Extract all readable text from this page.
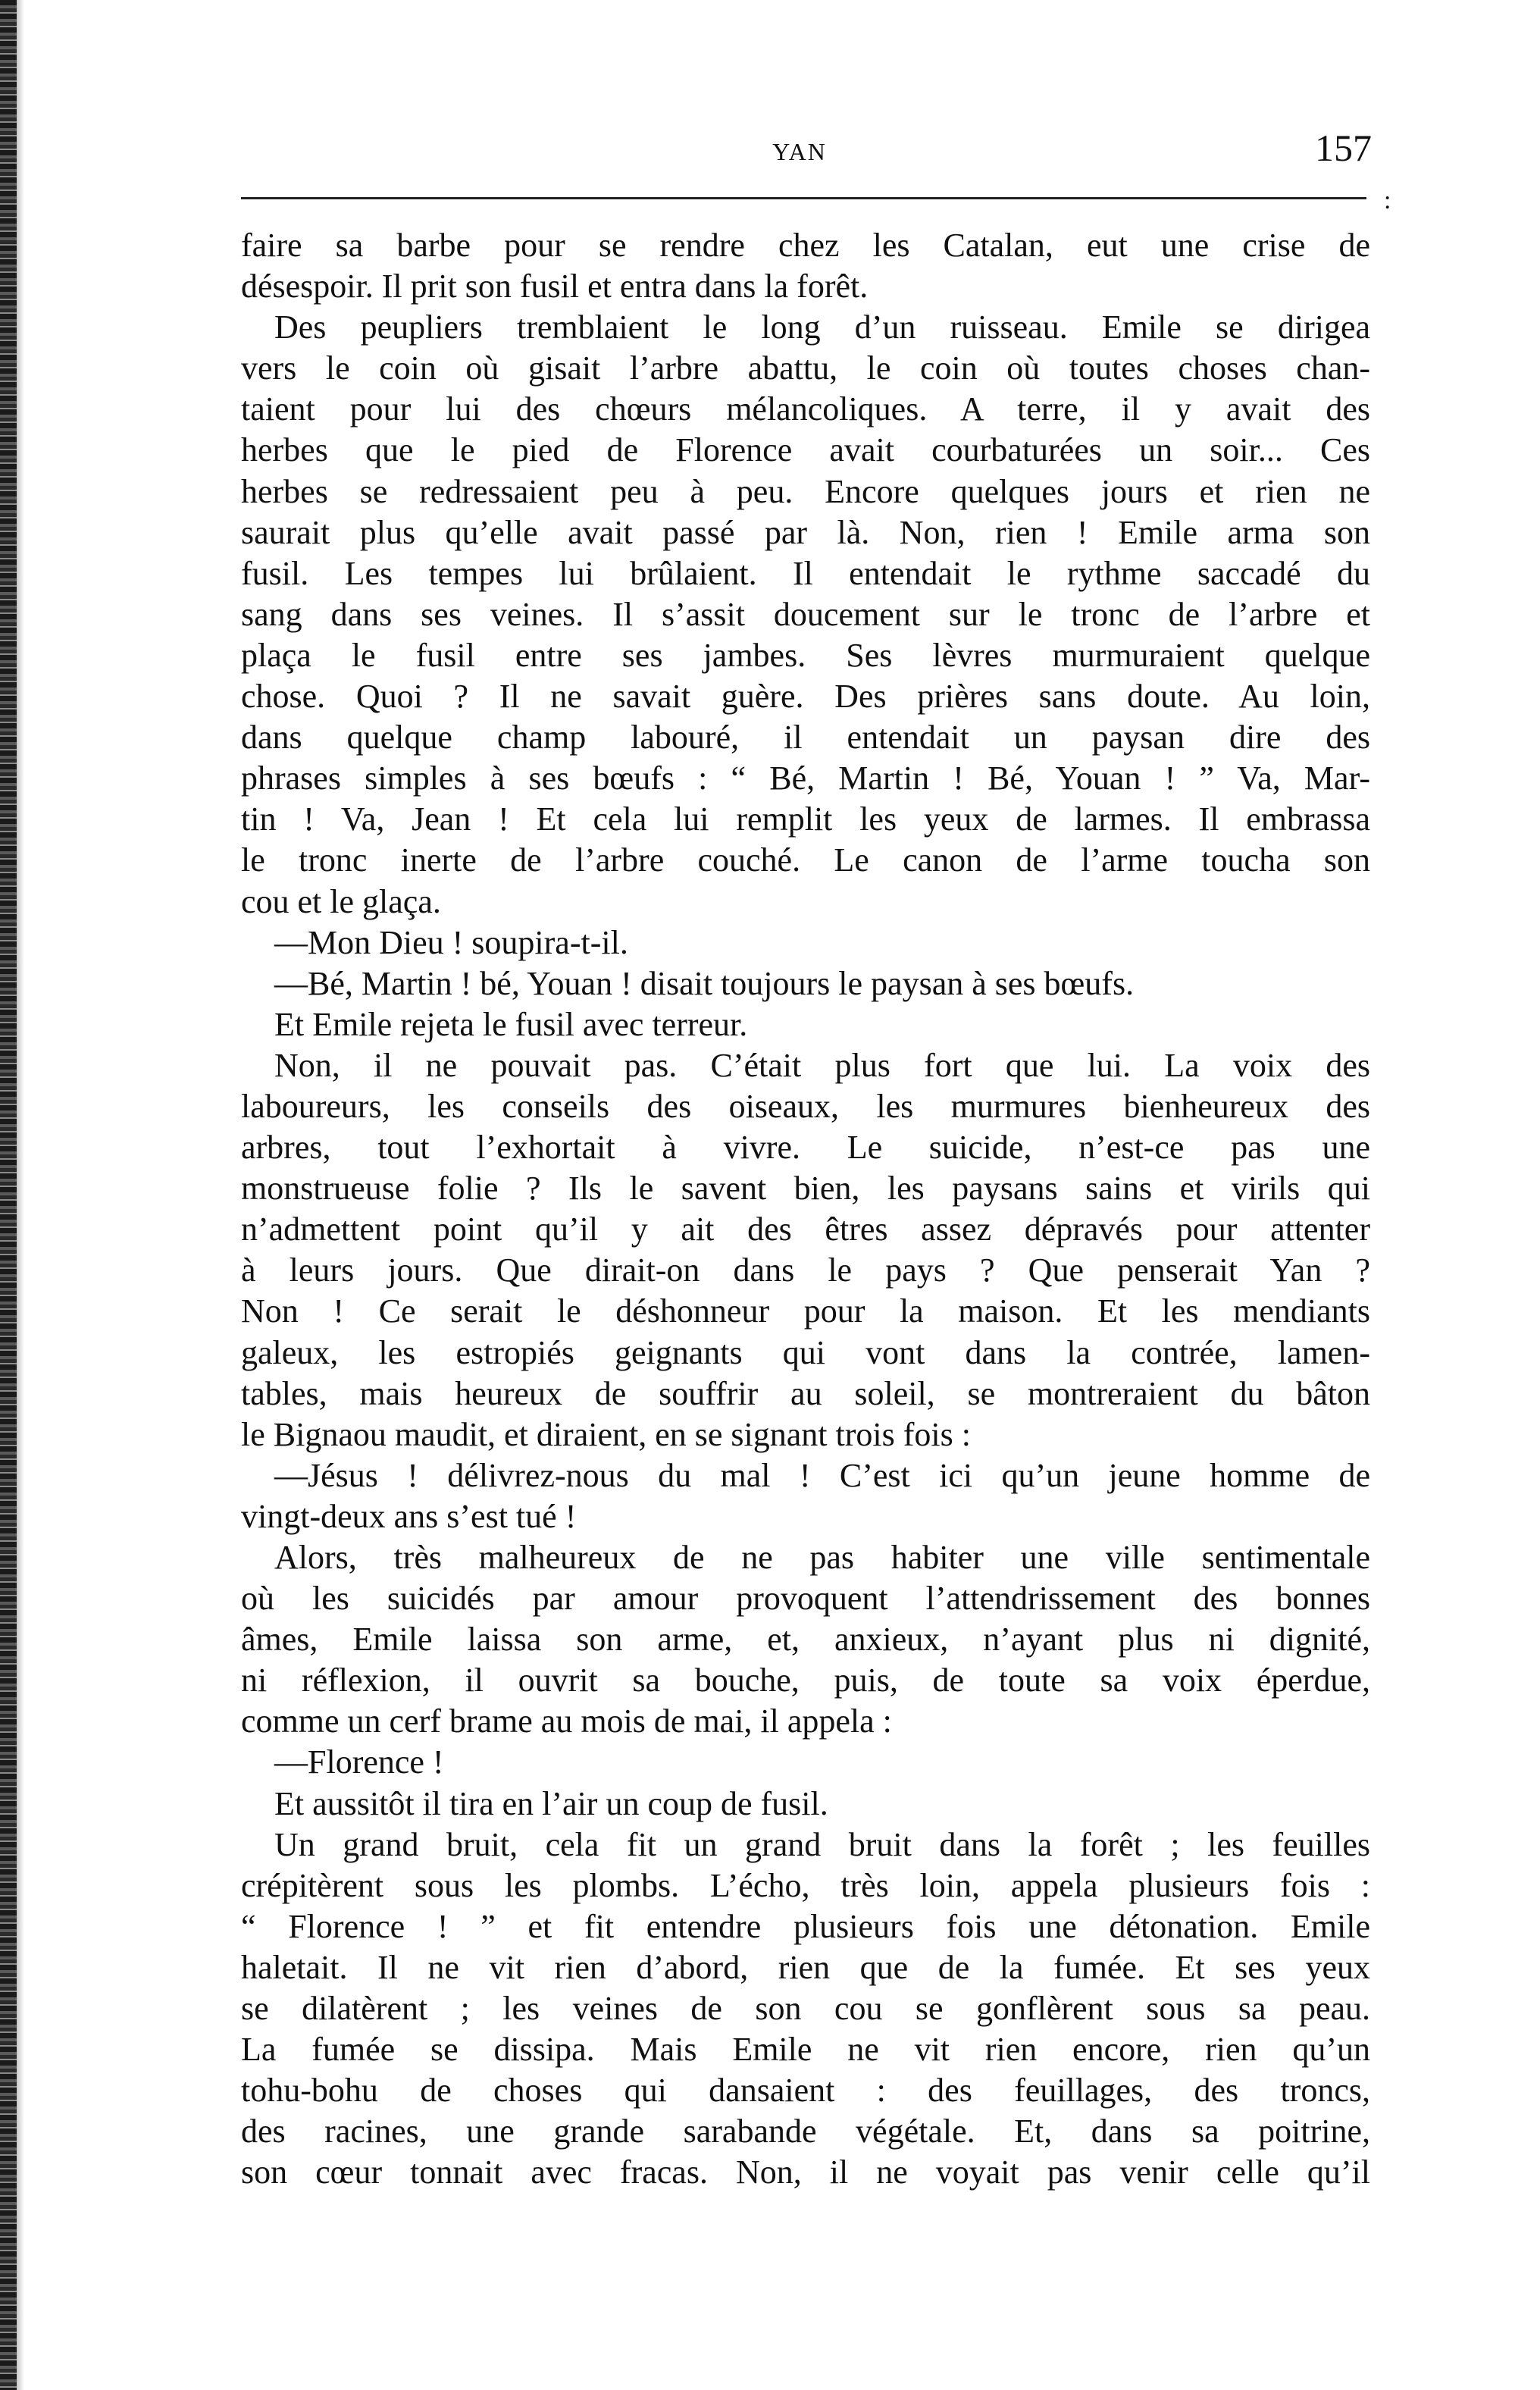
YAN	157
:
faire sa barbe pour se rendre chez les Catalan, eut une crise de
désespoir. Il prit son fusil et entra dans la forêt.
Des peupliers tremblaient le long d’un ruisseau. Emile se dirigea
vers le coin où gisait l’arbre abattu, le coin où toutes choses chan-
taient pour lui des chœurs mélancoliques. A terre, il y avait des
herbes que le pied de Florence avait courbaturées un soir... Ces
herbes se redressaient peu à peu. Encore quelques jours et rien ne
saurait plus qu’elle avait passé par là. Non, rien ! Emile arma son
fusil. Les tempes lui brûlaient. Il entendait le rythme saccadé du
sang dans ses veines. Il s’assit doucement sur le tronc de l’arbre et
plaça le fusil entre ses jambes. Ses lèvres murmuraient quelque
chose. Quoi ? Il ne savait guère. Des prières sans doute. Au loin,
dans quelque champ labouré, il entendait un paysan dire des
phrases simples à ses bœufs : “ Bé, Martin ! Bé, Youan ! ” Va, Mar-
tin ! Va, Jean ! Et cela lui remplit les yeux de larmes. Il embrassa
le tronc inerte de l’arbre couché. Le canon de l’arme toucha son
cou et le glaça.
—Mon Dieu ! soupira-t-il.
—Bé, Martin ! bé, Youan ! disait toujours le paysan à ses bœufs.
Et Emile rejeta le fusil avec terreur.
Non, il ne pouvait pas. C’était plus fort que lui. La voix des
laboureurs, les conseils des oiseaux, les murmures bienheureux des
arbres, tout l’exhortait à vivre. Le suicide, n’est-ce pas une
monstrueuse folie ? Ils le savent bien, les paysans sains et virils qui
n’admettent point qu’il y ait des êtres assez dépravés pour attenter
à leurs jours. Que dirait-on dans le pays ? Que penserait Yan ?
Non ! Ce serait le déshonneur pour la maison. Et les mendiants
galeux, les estropiés geignants qui vont dans la contrée, lamen-
tables, mais heureux de souffrir au soleil, se montreraient du bâton
le Bignaou maudit, et diraient, en se signant trois fois :
—Jésus ! délivrez-nous du mal ! C’est ici qu’un jeune homme de
vingt-deux ans s’est tué !
Alors, très malheureux de ne pas habiter une ville sentimentale
où les suicidés par amour provoquent l’attendrissement des bonnes
âmes, Emile laissa son arme, et, anxieux, n’ayant plus ni dignité,
ni réflexion, il ouvrit sa bouche, puis, de toute sa voix éperdue,
comme un cerf brame au mois de mai, il appela :
—Florence !
Et aussitôt il tira en l’air un coup de fusil.
Un grand bruit, cela fit un grand bruit dans la forêt ; les feuilles
crépitèrent sous les plombs. L’écho, très loin, appela plusieurs fois :
“ Florence ! ” et fit entendre plusieurs fois une détonation. Emile
haletait. Il ne vit rien d’abord, rien que de la fumée. Et ses yeux
se dilatèrent ; les veines de son cou se gonflèrent sous sa peau.
La fumée se dissipa. Mais Emile ne vit rien encore, rien qu’un
tohu-bohu de choses qui dansaient : des feuillages, des troncs,
des racines, une grande sarabande végétale. Et, dans sa poitrine,
son cœur tonnait avec fracas. Non, il ne voyait pas venir celle qu’il
